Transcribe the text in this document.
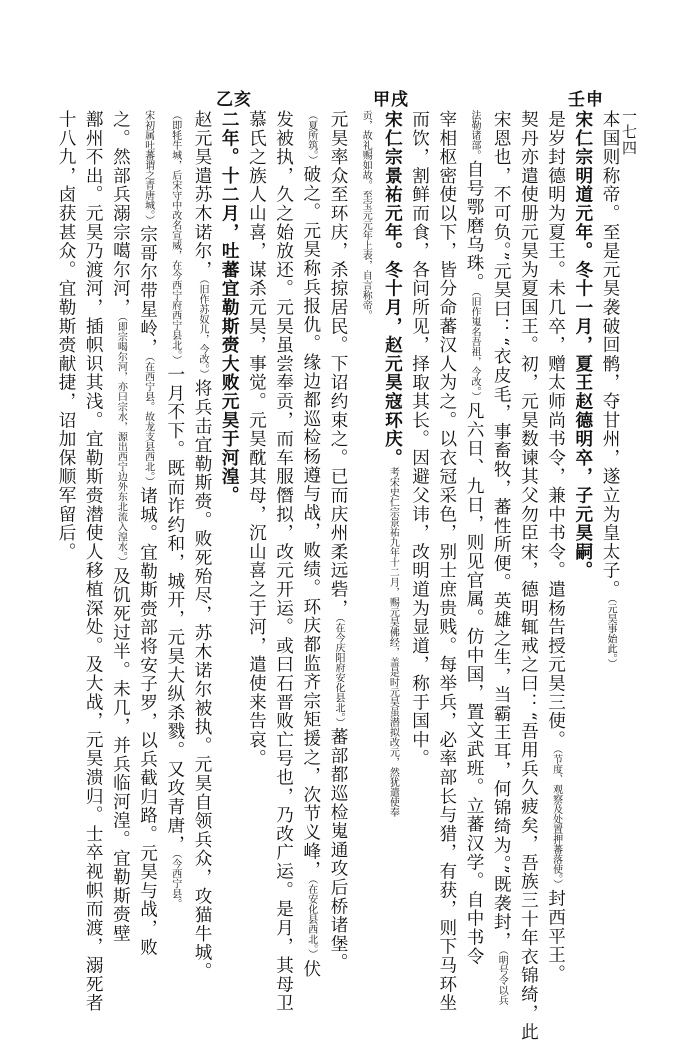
一七四
壬申
甲戌
乙亥
本国则称帝。至是元昊袭破回鹘，夺甘州，遂立为皇太子。（元昊事始此。）
宋仁宗明道元年。冬十一月，夏王赵德明卒，子元昊嗣。
是岁封德明为夏王。未几卒，赠太师尚书令，兼中书令。遣杨告授元昊三使。（节度、观察及处置押蕃落使。）封西平王。
契丹亦遣使册元昊为夏国王。初，元昊数谏其父勿臣宋，德明辄戒之曰：“吾用兵久疲矣，吾族三十年衣锦绮，此
宋恩也，不可负。”元昊曰：“衣皮毛，事畜牧，蕃性所便。英雄之生，当霸王耳，何锦绮为。”既袭封，（明号令以兵
法勒诸部。自号鄂磨乌珠。（旧作嵬名吾祖，今改。）凡六日、九日，则见官属。仿中国，置文武班。立蕃汉学。自中书令
宰相枢密使以下，皆分命蕃汉人为之。以衣冠采色，别士庶贵贱。每举兵，必率部长与猎，有获，则下马环坐
而饮，割鲜而食，各问所见，择取其长。因避父讳，改明道为显道，称于国中。
宋仁宗景祐元年。冬十月，赵元昊寇环庆。考宋史仁宗景祐九年十二月，赐元昊佛经，盖是时元昊虽潜拟改元，然犹遣使奉
贡，故礼赐如故。至宝元元年上表，自言称帝。
元昊率众至环庆，杀掠居民。下诏约束之。已而庆州柔远砦，（在今庆阳府安化县北。）蕃部都巡检嵬通攻后桥诸堡。
（夏所筑。）破之。元昊称兵报仇。缘边都巡检杨遵与战，败绩。环庆都监齐宗矩援之，次节义峰，（在安化县西北。）伏
发被执，久之始放还。元昊虽尝奉贡，而车服僭拟，改元开运。或曰石晋败亡号也，乃改广运。是月，其母卫
慕氏之族人山喜，谋杀元昊，事觉。元昊酖其母，沉山喜之于河，遣使来告哀。
二年。十二月，吐蕃宜勒斯赍大败元昊于河湟。
赵元昊遣苏木诺尔，（旧作苏奴儿，今改。）将兵击宜勒斯赍。败死殆尽，苏木诺尔被执。元昊自领兵众，攻猫牛城。
（即牦牛城，后宋守中改名宣威，在今西宁府西宁县北。）一月不下。既而诈约和，城开，元昊大纵杀戮。又攻青唐，（今西宁县。
宋初属吐蕃谓之青唐城。）宗哥尔带星岭，（在西宁县。故龙支县西北。）诸城。宜勒斯赍部将安子罗，以兵截归路。元昊与战，败
之。然部兵溺宗噶尔河，（即宗喝尔河，亦曰宗水，源出西宁边外东北流入湟水。）及饥死过半。未几，并兵临河湟。宜勒斯赍壁
鄯州不出。元昊乃渡河，插帜识其浅。宜勒斯赍潜使人移植深处。及大战，元昊溃归。士卒视帜而渡，溺死者
十八九，卤获甚众。宜勒斯赍献捷，诏加保顺军留后。
